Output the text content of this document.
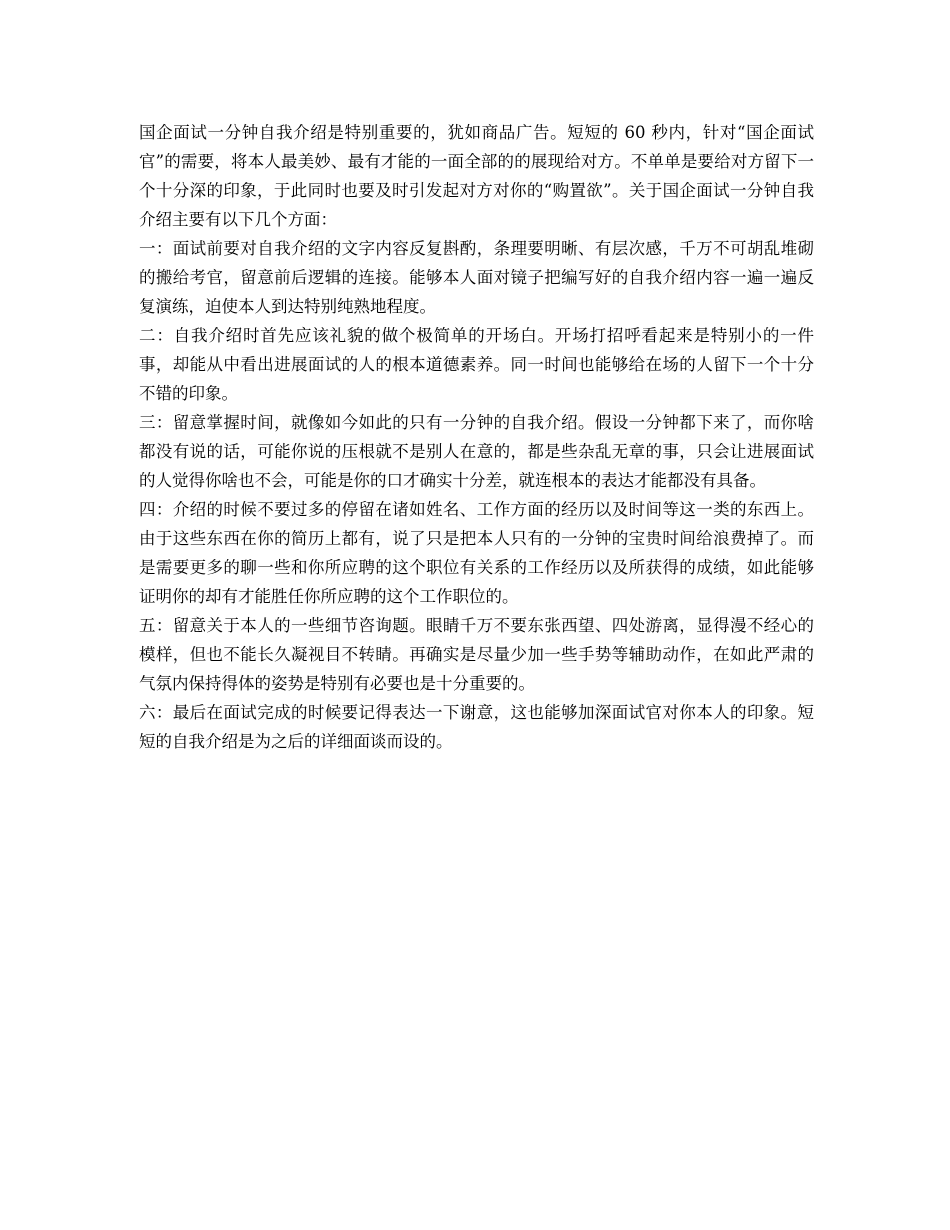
国企面试一分钟自我介绍是特别重要的，犹如商品广告。短短的 60 秒内，针对“国企面试官”的需要，将本人最美妙、最有才能的一面全部的的展现给对方。不单单是要给对方留下一个十分深的印象，于此同时也要及时引发起对方对你的“购置欲”。关于国企面试一分钟自我介绍主要有以下几个方面：

一：面试前要对自我介绍的文字内容反复斟酌，条理要明晰、有层次感，千万不可胡乱堆砌的搬给考官，留意前后逻辑的连接。能够本人面对镜子把编写好的自我介绍内容一遍一遍反复演练，迫使本人到达特别纯熟地程度。

二：自我介绍时首先应该礼貌的做个极简单的开场白。开场打招呼看起来是特别小的一件事，却能从中看出进展面试的人的根本道德素养。同一时间也能够给在场的人留下一个十分不错的印象。

三：留意掌握时间，就像如今如此的只有一分钟的自我介绍。假设一分钟都下来了，而你啥都没有说的话，可能你说的压根就不是别人在意的，都是些杂乱无章的事，只会让进展面试的人觉得你啥也不会，可能是你的口才确实十分差，就连根本的表达才能都没有具备。

四：介绍的时候不要过多的停留在诸如姓名、工作方面的经历以及时间等这一类的东西上。由于这些东西在你的简历上都有，说了只是把本人只有的一分钟的宝贵时间给浪费掉了。而是需要更多的聊一些和你所应聘的这个职位有关系的工作经历以及所获得的成绩，如此能够证明你的却有才能胜任你所应聘的这个工作职位的。

五：留意关于本人的一些细节咨询题。眼睛千万不要东张西望、四处游离，显得漫不经心的模样，但也不能长久凝视目不转睛。再确实是尽量少加一些手势等辅助动作，在如此严肃的气氛内保持得体的姿势是特别有必要也是十分重要的。

六：最后在面试完成的时候要记得表达一下谢意，这也能够加深面试官对你本人的印象。短短的自我介绍是为之后的详细面谈而设的。
